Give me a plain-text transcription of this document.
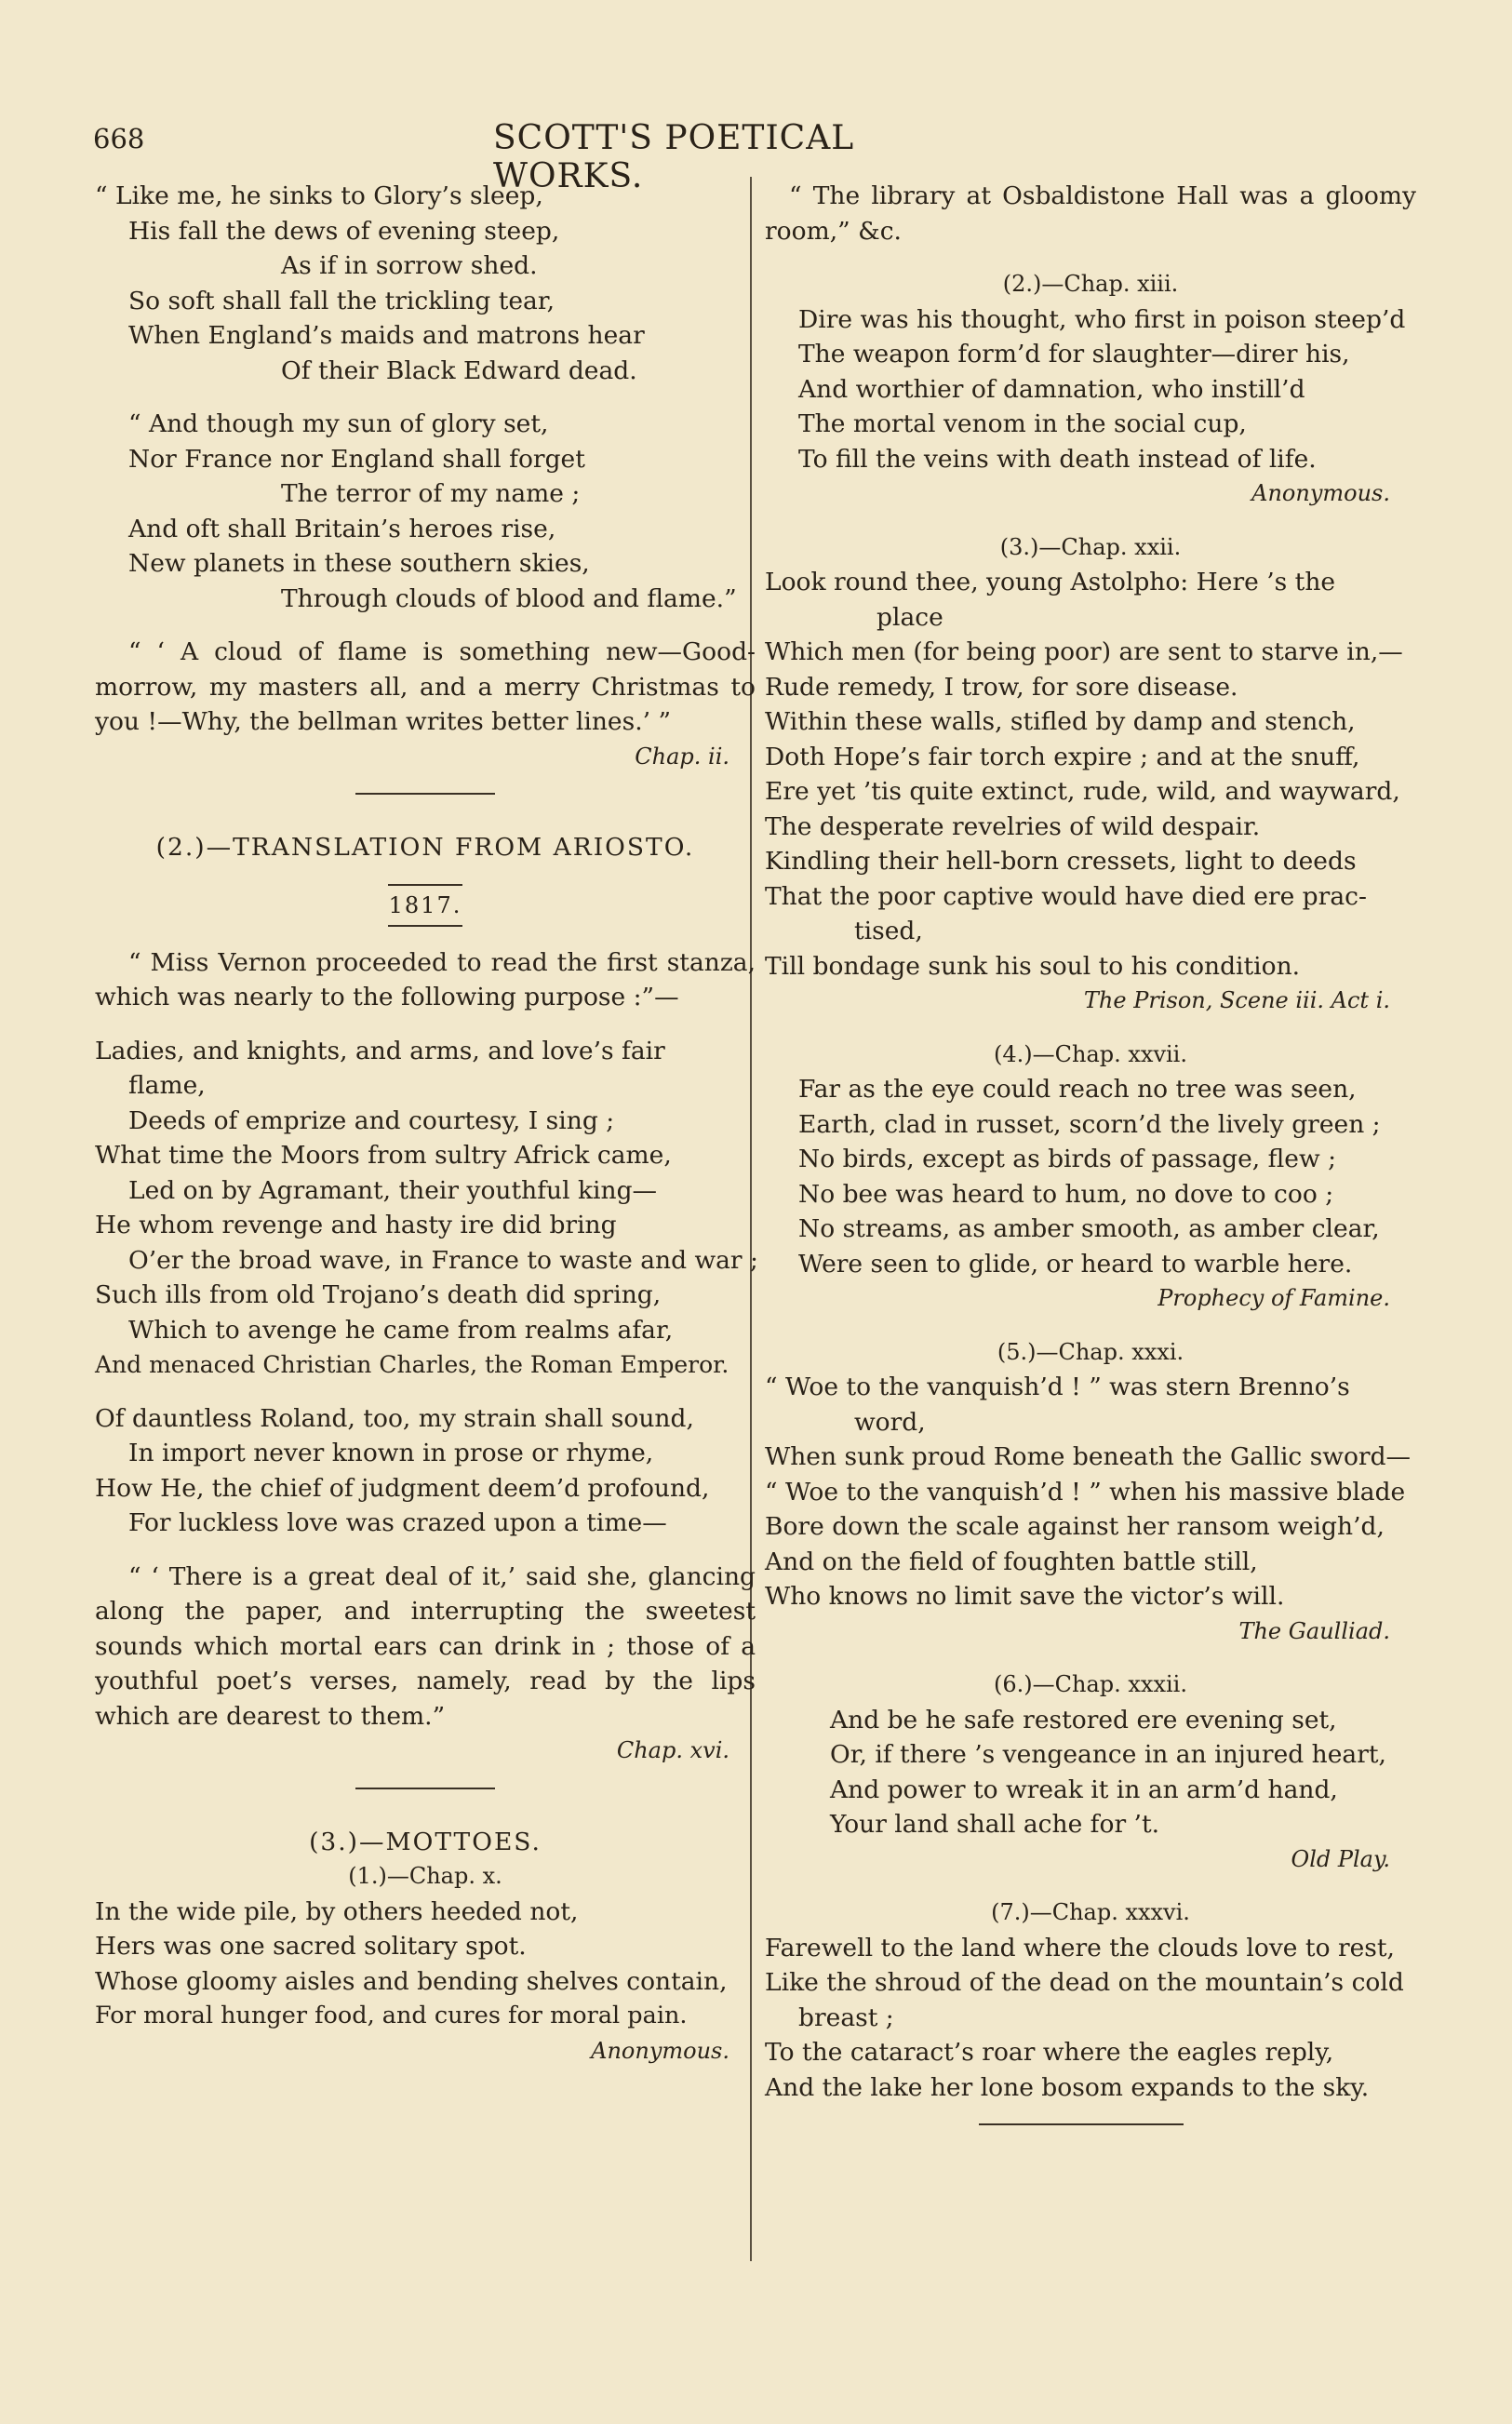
668	SCOTT'S POETICAL WORKS.
“ Like me, he sinks to Glory’s sleep,
His fall the dews of evening steep,
As if in sorrow shed.
So soft shall fall the trickling tear,
When England’s maids and matrons hear
Of their Black Edward dead.
“ And though my sun of glory set,
Nor France nor England shall forget
The terror of my name ;
And oft shall Britain’s heroes rise,
New planets in these southern skies,
Through clouds of blood and flame.”
“ ‘ A cloud of flame is something new—Good-morrow, my masters all, and a merry Christmas to you !—Why, the bellman writes better lines.’ ”
Chap. ii.
(2.)—TRANSLATION FROM ARIOSTO.
1817.
“ Miss Vernon proceeded to read the first stanza, which was nearly to the following purpose :”—
Ladies, and knights, and arms, and love’s fair
flame,
Deeds of emprize and courtesy, I sing ;
What time the Moors from sultry Africk came,
Led on by Agramant, their youthful king—
He whom revenge and hasty ire did bring
O’er the broad wave, in France to waste and war ;
Such ills from old Trojano’s death did spring,
Which to avenge he came from realms afar,
And menaced Christian Charles, the Roman Emperor.
Of dauntless Roland, too, my strain shall sound,
In import never known in prose or rhyme,
How He, the chief of judgment deem’d profound,
For luckless love was crazed upon a time—
“ ‘ There is a great deal of it,’ said she, glancing along the paper, and interrupting the sweetest sounds which mortal ears can drink in ; those of a youthful poet’s verses, namely, read by the lips which are dearest to them.”
Chap. xvi.
(3.)—MOTTOES.
(1.)—Chap. x.
In the wide pile, by others heeded not,
Hers was one sacred solitary spot.
Whose gloomy aisles and bending shelves contain,
For moral hunger food, and cures for moral pain.
Anonymous.
“ The library at Osbaldistone Hall was a gloomy room,” &c.
(2.)—Chap. xiii.
Dire was his thought, who first in poison steep’d
The weapon form’d for slaughter—direr his,
And worthier of damnation, who instill’d
The mortal venom in the social cup,
To fill the veins with death instead of life.
Anonymous.
(3.)—Chap. xxii.
Look round thee, young Astolpho: Here ’s the
place
Which men (for being poor) are sent to starve in,—
Rude remedy, I trow, for sore disease.
Within these walls, stifled by damp and stench,
Doth Hope’s fair torch expire ; and at the snuff,
Ere yet ’tis quite extinct, rude, wild, and wayward,
The desperate revelries of wild despair.
Kindling their hell-born cressets, light to deeds
That the poor captive would have died ere prac-
tised,
Till bondage sunk his soul to his condition.
The Prison, Scene iii. Act i.
(4.)—Chap. xxvii.
Far as the eye could reach no tree was seen,
Earth, clad in russet, scorn’d the lively green ;
No birds, except as birds of passage, flew ;
No bee was heard to hum, no dove to coo ;
No streams, as amber smooth, as amber clear,
Were seen to glide, or heard to warble here.
Prophecy of Famine.
(5.)—Chap. xxxi.
“ Woe to the vanquish’d ! ” was stern Brenno’s
word,
When sunk proud Rome beneath the Gallic sword—
“ Woe to the vanquish’d ! ” when his massive blade
Bore down the scale against her ransom weigh’d,
And on the field of foughten battle still,
Who knows no limit save the victor’s will.
The Gaulliad.
(6.)—Chap. xxxii.
And be he safe restored ere evening set,
Or, if there ’s vengeance in an injured heart,
And power to wreak it in an arm’d hand,
Your land shall ache for ’t.
Old Play.
(7.)—Chap. xxxvi.
Farewell to the land where the clouds love to rest,
Like the shroud of the dead on the mountain’s cold
breast ;
To the cataract’s roar where the eagles reply,
And the lake her lone bosom expands to the sky.
